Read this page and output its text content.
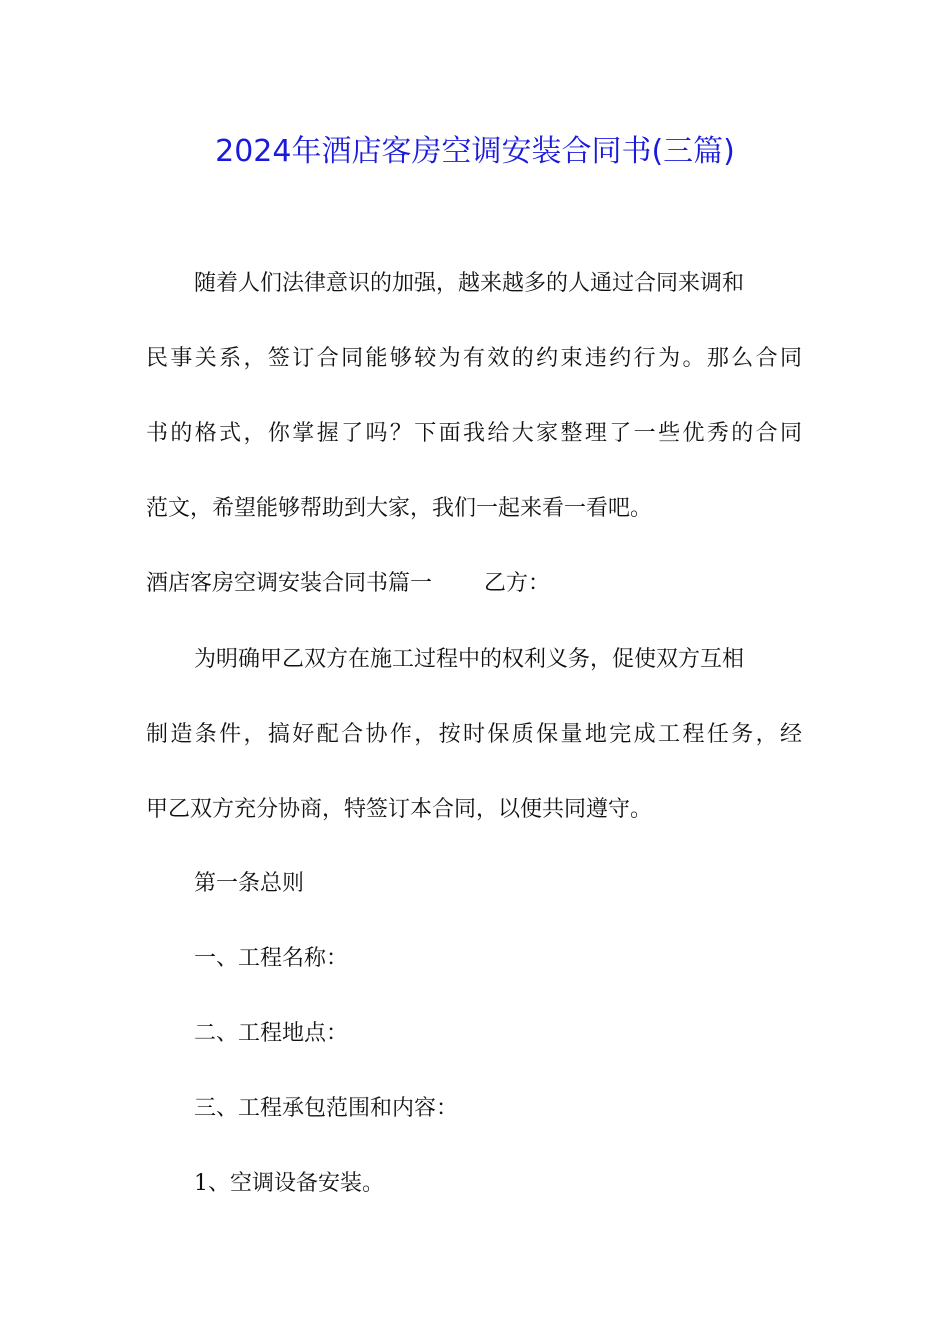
2024年酒店客房空调安装合同书(三篇)
随着人们法律意识的加强，越来越多的人通过合同来调和
民事关系，签订合同能够较为有效的约束违约行为。那么合同
书的格式，你掌握了吗？下面我给大家整理了一些优秀的合同
范文，希望能够帮助到大家，我们一起来看一看吧。
酒店客房空调安装合同书篇一 乙方：
为明确甲乙双方在施工过程中的权利义务，促使双方互相
制造条件，搞好配合协作，按时保质保量地完成工程任务，经
甲乙双方充分协商，特签订本合同，以便共同遵守。
第一条总则
一、工程名称：
二、工程地点：
三、工程承包范围和内容：
1、空调设备安装。
